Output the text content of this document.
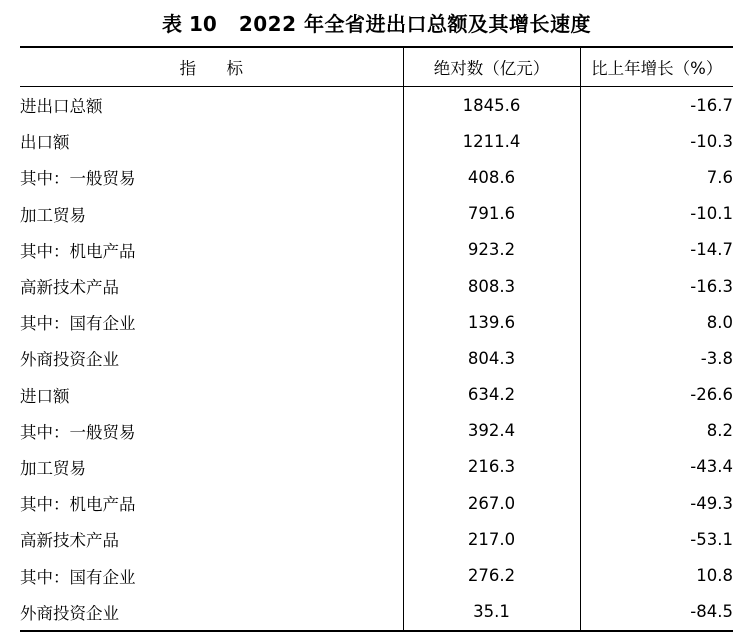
表 10 2022 年全省进出口总额及其增长速度
指　标	绝对数（亿元）	比上年增长（%）
进出口总额	1845.6	-16.7
出口额	1211.4	-10.3
其中：一般贸易	408.6	7.6
加工贸易	791.6	-10.1
其中：机电产品	923.2	-14.7
高新技术产品	808.3	-16.3
其中：国有企业	139.6	8.0
外商投资企业	804.3	-3.8
进口额	634.2	-26.6
其中：一般贸易	392.4	8.2
加工贸易	216.3	-43.4
其中：机电产品	267.0	-49.3
高新技术产品	217.0	-53.1
其中：国有企业	276.2	10.8
外商投资企业	35.1	-84.5
